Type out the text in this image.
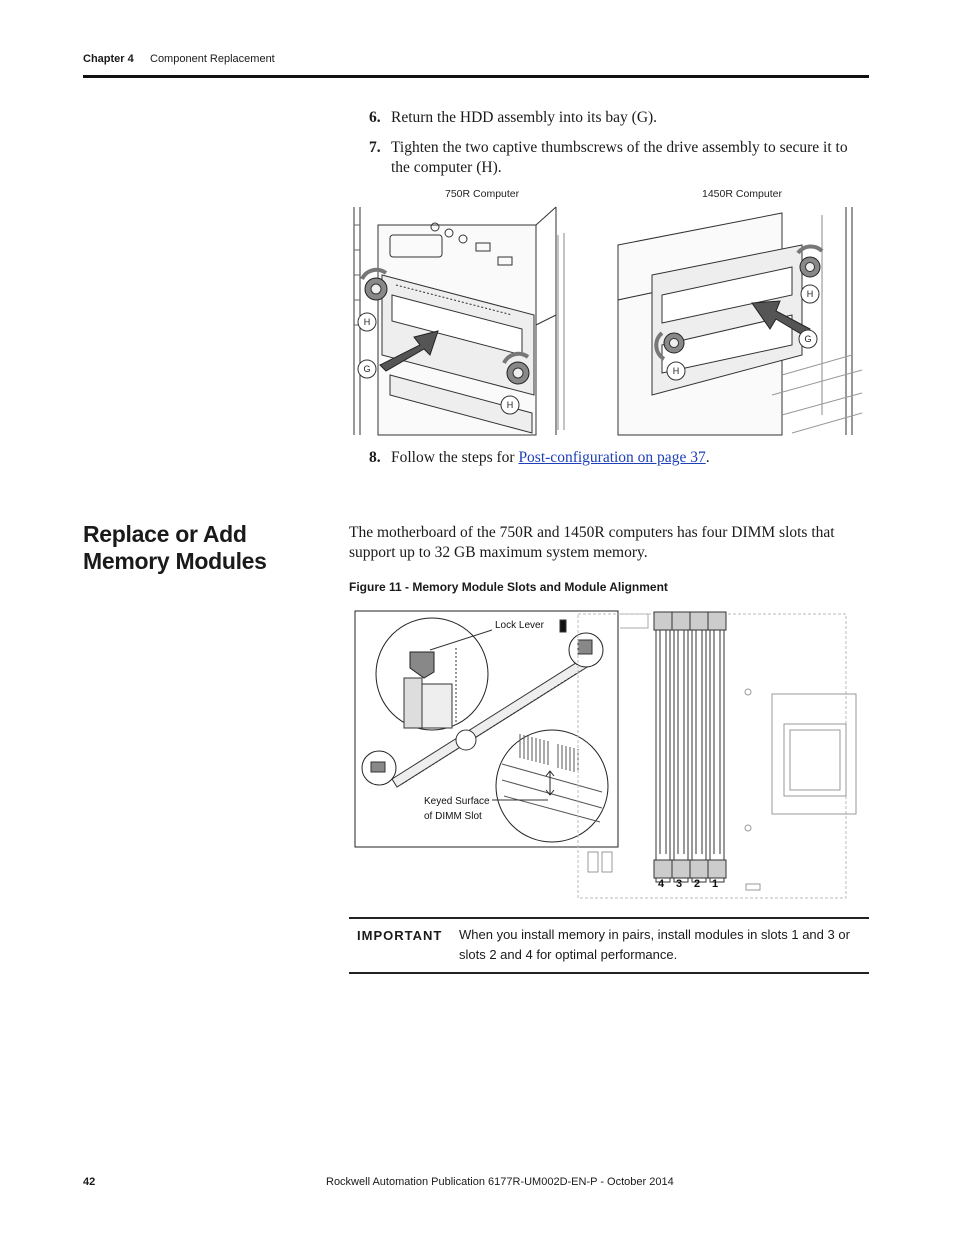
Chapter 4 Component Replacement
6. Return the HDD assembly into its bay (G).
7. Tighten the two captive thumbscrews of the drive assembly to secure it to the computer (H).
750R Computer	1450R Computer
H
G
H
H
G
H
8. Follow the steps for Post-configuration on page 37.
Replace or Add Memory Modules
The motherboard of the 750R and 1450R computers has four DIMM slots that support up to 32 GB maximum system memory.
Figure 11 - Memory Module Slots and Module Alignment
Lock Lever
Keyed Surface
of DIMM Slot
4 3 2 1
IMPORTANT When you install memory in pairs, install modules in slots 1 and 3 or slots 2 and 4 for optimal performance.
42	Rockwell Automation Publication 6177R-UM002D-EN-P - October 2014
